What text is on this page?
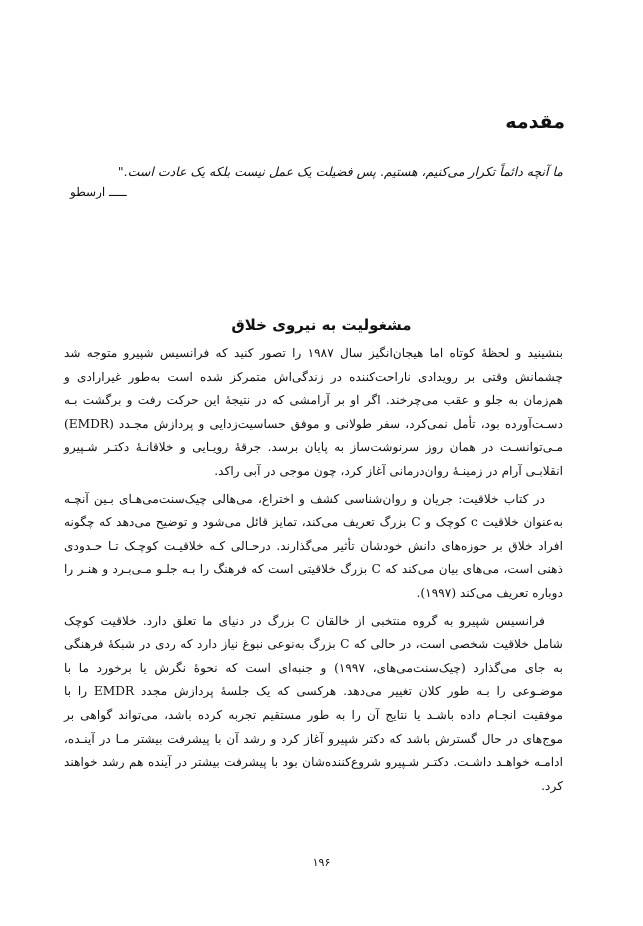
مقدمه

ما آنچه دائماً تکرار می‌کنیم، هستیم. پس فضیلت یک عمل نیست بلکه یک عادت است."

ـــــ ارسطو

مشغولیت به نیروی خلاق

بنشینید و لحظهٔ کوتاه اما هیجان‌انگیز سال ۱۹۸۷ را تصور کنید که فرانسیس شپیرو متوجه شد چشمانش وقتی بر رویدادی ناراحت‌کننده در زندگی‌اش متمرکز شده است به‌طور غیرارادی و هم‌زمان به جلو و عقب می‌چرخند. اگر او بر آرامشی که در نتیجهٔ این حرکت رفت و برگشت بـه دسـت‌آورده بود، تأمل نمی‌کرد، سفر طولانی و موفق حساسیت‌زدایی و پردازش مجـدد (EMDR) مـی‌توانسـت در همان روز سرنوشت‌ساز به پایان برسد. جرقهٔ رویـایی و خلاقانـهٔ دکتـر شـپیرو انقلابـی آرام در زمینـهٔ روان‌درمانی آغاز کرد، چون موجی در آبی راکد.

در کتاب خلاقیت: جریان و روان‌شناسی کشف و اختراع، می‌هالی چیک‌سنت‌می‌هـای بـین آنچـه به‌عنوان خلاقیت c کوچک و C بزرگ تعریف می‌کند، تمایز قائل می‌شود و توضیح می‌دهد که چگونه افراد خلاق بر حوزه‌های دانش خودشان تأثیر می‌گذارند. درحـالی کـه خلاقیـت کوچـک تـا حـدودی ذهنی است، می‌های بیان می‌کند که C بزرگ خلاقیتی است که فرهنگ را بـه جلـو مـی‌بـرد و هنـر را دوباره تعریف می‌کند (۱۹۹۷).

فرانسیس شپیرو به گروه منتخبی از خالقان C بزرگ در دنیای ما تعلق دارد. خلاقیت کوچک شامل خلاقیت شخصی است، در حالی که C بزرگ به‌نوعی نبوغ نیاز دارد که ردی در شبکهٔ فرهنگی به جای می‌گذارد (چیک‌سنت‌می‌های، ۱۹۹۷) و جنبه‌ای است که نحوهٔ نگرش یا برخورد ما با موضـوعی را بـه طور کلان تغییر می‌دهد. هرکسی که یک جلسهٔ پردازش مجدد EMDR را با موفقیت انجـام داده باشـد یا نتایج آن را به طور مستقیم تجربه کرده باشد، می‌تواند گواهی بر موج‌های در حال گسترش باشد که دکتر شپیرو آغاز کرد و رشد آن با پیشرفت بیشتر مـا در آینـده، ادامـه خواهـد داشـت. دکتـر شـپیرو شروع‌کننده‌شان بود با پیشرفت بیشتر در آینده هم رشد خواهند کرد.

۱۹۶
